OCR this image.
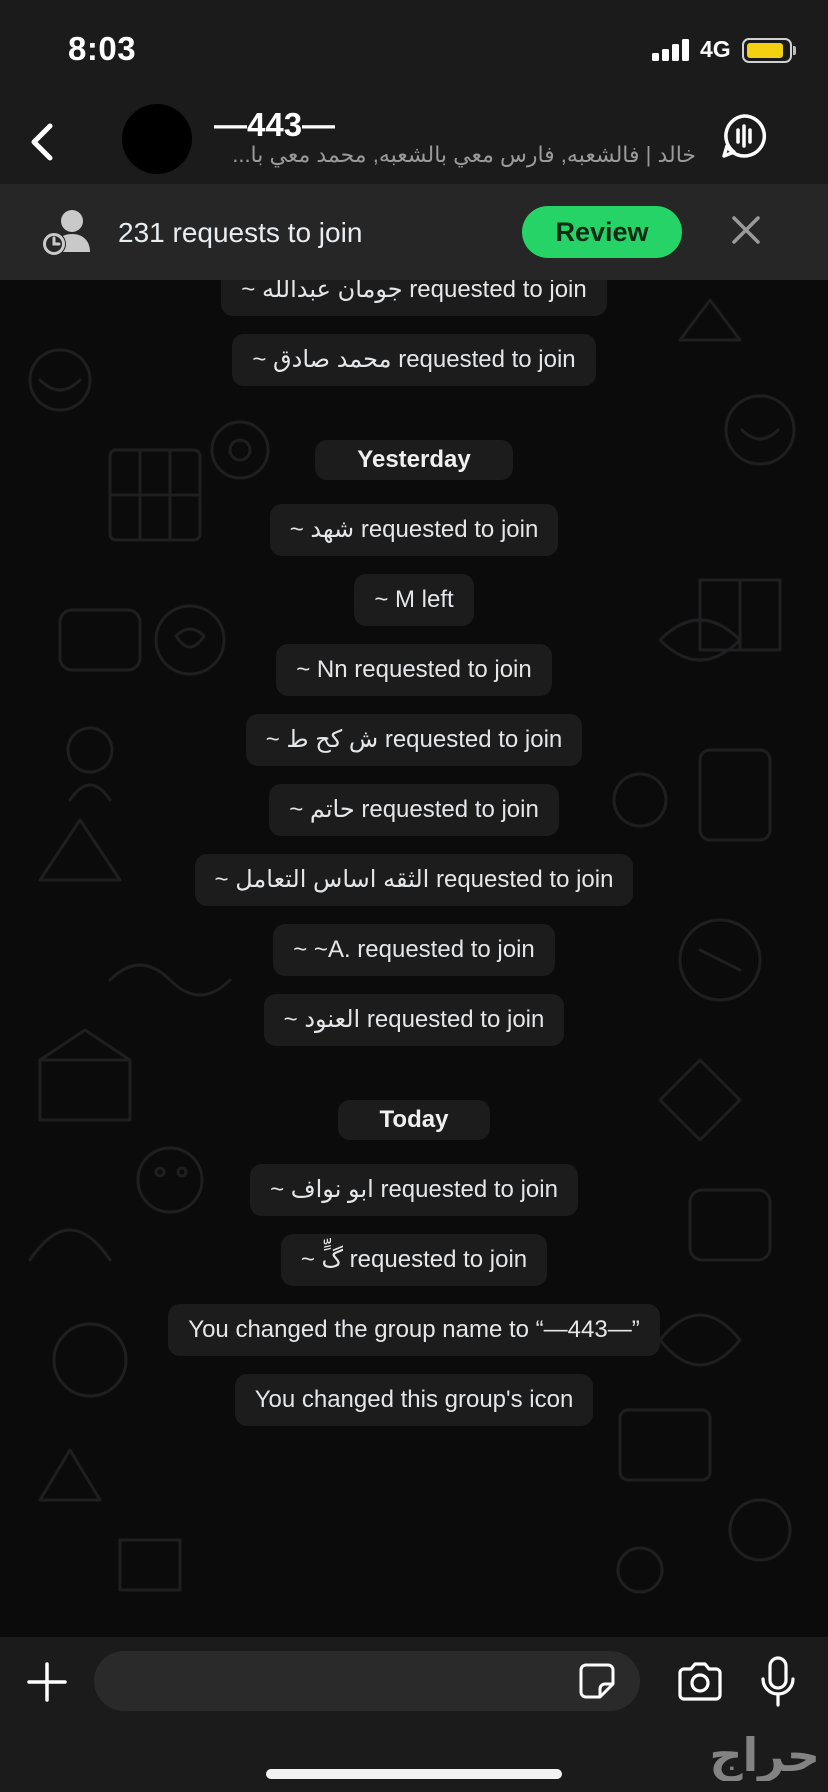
8:03	4G
—443—
خالد | فالشعبه, فارس معي بالشعبه, محمد معي با...
231 requests to join	Review
~ جومان عبدالله requested to join
~ محمد صادق requested to join
Yesterday
~ شهد requested to join
~ M left
~ Nn requested to join
~ ش كح ط requested to join
~ حاتم requested to join
~ الثقه اساس التعامل requested to join
~ ~A. requested to join
~ العنود requested to join
Today
~ ابو نواف requested to join
~ گٍّ requested to join
You changed the group name to “—443—”
You changed this group's icon
حراج
